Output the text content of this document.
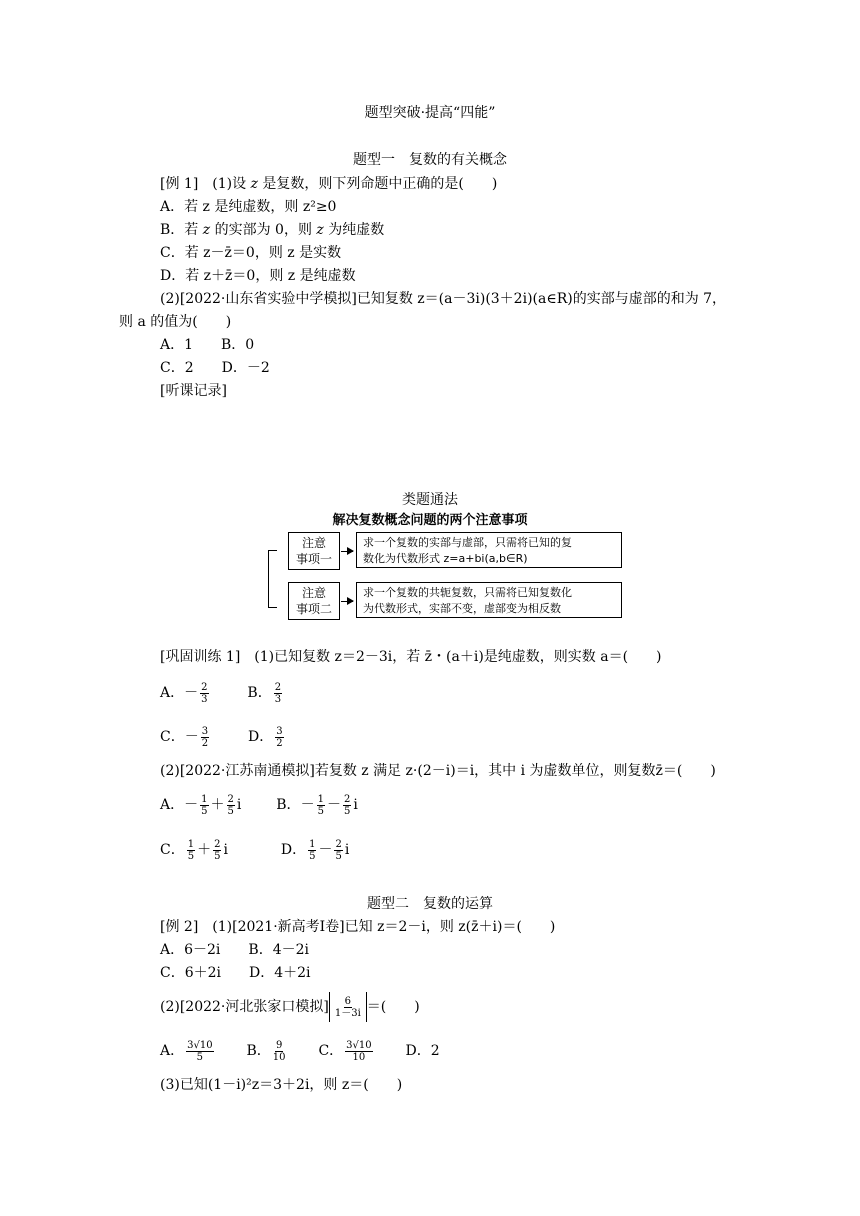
题型突破·提高“四能”
题型一　复数的有关概念
[例 1]　(1)设 z 是复数，则下列命题中正确的是(　　)
A．若 z 是纯虚数，则 z²≥0
B．若 z 的实部为 0，则 z 为纯虚数
C．若 z－z̄＝0，则 z 是实数
D．若 z＋z̄＝0，则 z 是纯虚数
(2)[2022·山东省实验中学模拟]已知复数 z＝(a－3i)(3＋2i)(a∈R)的实部与虚部的和为 7，
则 a 的值为(　　)
A．1　　B．0
C．2　　D．－2
[听课记录]
类题通法
解决复数概念问题的两个注意事项
注意
事项一
求一个复数的实部与虚部，只需将已知的复
数化为代数形式 z=a+bi(a,b∈R)
注意
事项二
求一个复数的共轭复数，只需将已知复数化
为代数形式，实部不变，虚部变为相反数
[巩固训练 1]　(1)已知复数 z＝2－3i，若 z̄・(a＋i)是纯虚数，则实数 a＝(　　)
A．－ $\frac{2}{3}$	B． $\frac{2}{3}$
C．－ $\frac{3}{2}$	D． $\frac{3}{2}$
(2)[2022·江苏南通模拟]若复数 z 满足 z·(2－i)＝i，其中 i 为虚数单位，则复数z̄＝(　　)
A．－ $\frac{1}{5} + \frac{2}{5}$ i B．－ $\frac{1}{5} - \frac{2}{5}$ i
C． $\frac{1}{5} + \frac{2}{5}$ i	D． $\frac{1}{5} - \frac{2}{5}$ i
题型二　复数的运算
[例 2]　(1)[2021·新高考Ⅰ卷]已知 z＝2－i，则 z(z̄＋i)＝(　　)
A．6－2i　　B．4－2i
C．6＋2i　　D．4＋2i
(2)[2022·河北张家口模拟] $\frac{6}{1-3i}$ ＝(　　)
A． $\frac{3√10}{5}$ B． $\frac{9}{10}$ C． $\frac{3√10}{10}$ D．2
(3)已知(1－i)²z＝3＋2i，则 z＝(　　)
